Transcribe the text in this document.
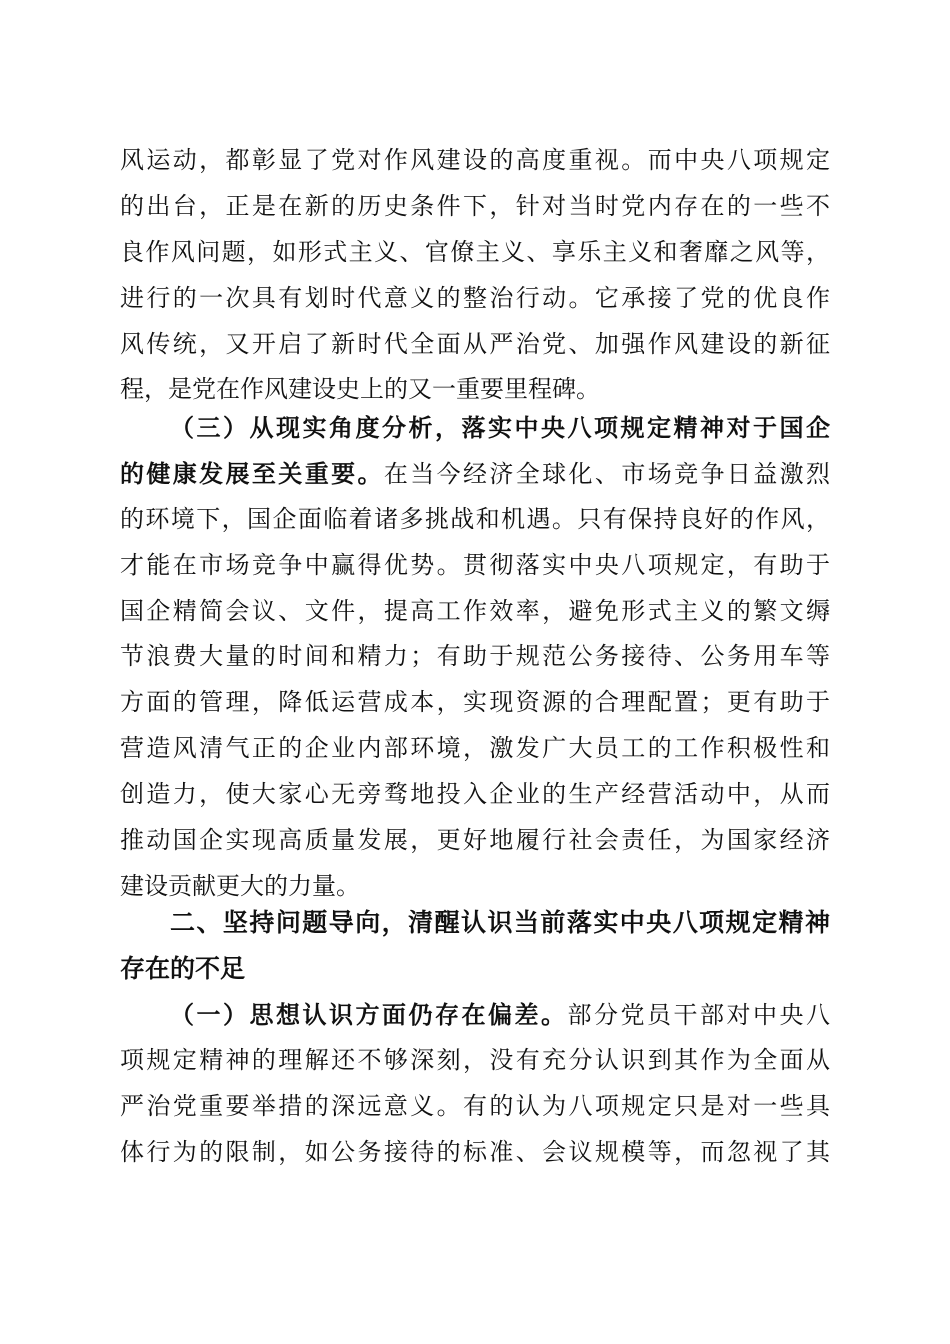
风运动，都彰显了党对作风建设的高度重视。而中央八项规定
的出台，正是在新的历史条件下，针对当时党内存在的一些不
良作风问题，如形式主义、官僚主义、享乐主义和奢靡之风等，
进行的一次具有划时代意义的整治行动。它承接了党的优良作
风传统，又开启了新时代全面从严治党、加强作风建设的新征
程，是党在作风建设史上的又一重要里程碑。
（三）从现实角度分析，落实中央八项规定精神对于国企
的健康发展至关重要。在当今经济全球化、市场竞争日益激烈
的环境下，国企面临着诸多挑战和机遇。只有保持良好的作风，
才能在市场竞争中赢得优势。贯彻落实中央八项规定，有助于
国企精简会议、文件，提高工作效率，避免形式主义的繁文缛
节浪费大量的时间和精力；有助于规范公务接待、公务用车等
方面的管理，降低运营成本，实现资源的合理配置；更有助于
营造风清气正的企业内部环境，激发广大员工的工作积极性和
创造力，使大家心无旁骛地投入企业的生产经营活动中，从而
推动国企实现高质量发展，更好地履行社会责任，为国家经济
建设贡献更大的力量。
二、坚持问题导向，清醒认识当前落实中央八项规定精神
存在的不足
（一）思想认识方面仍存在偏差。部分党员干部对中央八
项规定精神的理解还不够深刻，没有充分认识到其作为全面从
严治党重要举措的深远意义。有的认为八项规定只是对一些具
体行为的限制，如公务接待的标准、会议规模等，而忽视了其
